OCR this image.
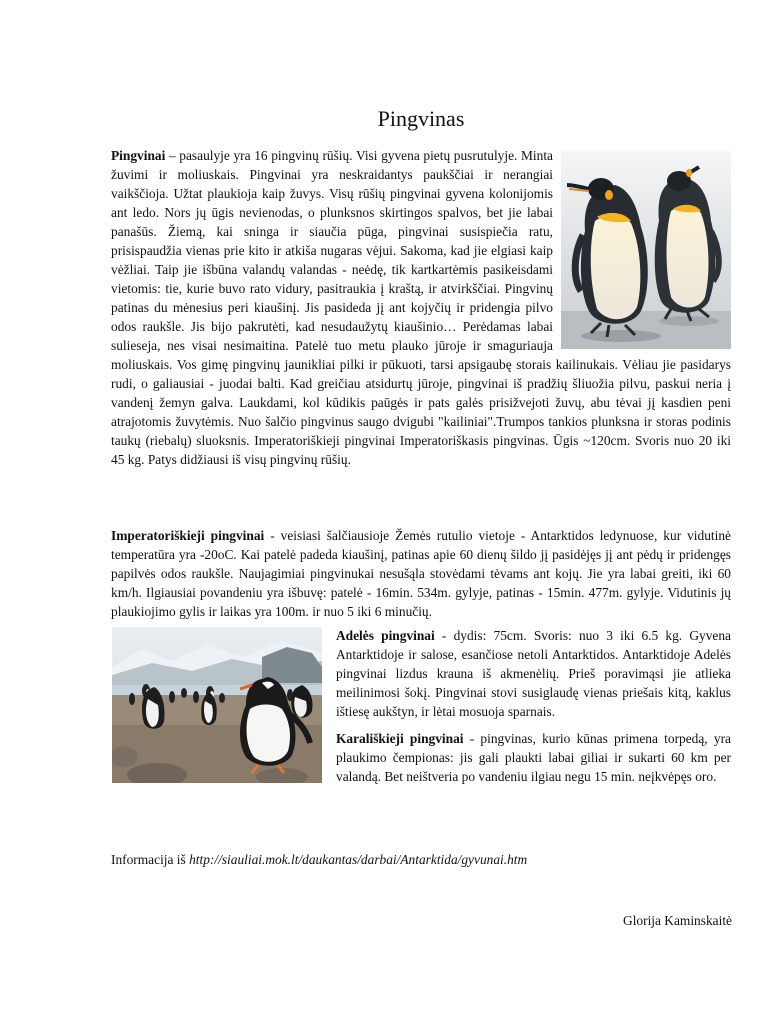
Pingvinas

Pingvinai – pasaulyje yra 16 pingvinų rūšių. Visi gyvena pietų pusrutulyje. Minta žuvimi ir moliuskais. Pingvinai yra neskraidantys paukščiai ir nerangiai vaikščioja. Užtat plaukioja kaip žuvys. Visų rūšių pingvinai gyvena kolonijomis ant ledo. Nors jų ūgis nevienodas, o plunksnos skirtingos spalvos, bet jie labai panašūs. Žiemą, kai sninga ir siaučia pūga, pingvinai susispiečia ratu, prisispaudžia vienas prie kito ir atkiša nugaras vėjui. Sakoma, kad jie elgiasi kaip vėžliai. Taip jie išbūna valandų valandas - neėdę, tik kartkartėmis pasikeisdami vietomis: tie, kurie buvo rato vidury, pasitraukia į kraštą, ir atvirkščiai. Pingvinų patinas du mėnesius peri kiaušinį. Jis pasideda jį ant kojyčių ir pridengia pilvo odos raukšle. Jis bijo pakrutėti, kad nesudaužytų kiaušinio… Perėdamas labai sulieseja, nes visai nesimaitina. Patelė tuo metu plauko jūroje ir smaguriauja moliuskais. Vos gimę pingvinų jaunikliai pilki ir pūkuoti, tarsi apsigaubę storais kailinukais. Vėliau jie pasidarys rudi, o galiausiai - juodai balti. Kad greičiau atsidurtų jūroje, pingvinai iš pradžių šliuožia pilvu, paskui neria į vandenį žemyn galva. Laukdami, kol kūdikis paūgės ir pats galės prisižvejoti žuvų, abu tėvai jį kasdien peni atrajotomis žuvytėmis. Nuo šalčio pingvinus saugo dvigubi "kailiniai".Trumpos tankios plunksna ir storas podinis taukų (riebalų) sluoksnis. Imperatoriškieji pingvinai Imperatoriškasis pingvinas. Ūgis ~120cm. Svoris nuo 20 iki 45 kg. Patys didžiausi iš visų pingvinų rūšių.

Imperatoriškieji pingvinai - veisiasi šalčiausioje Žemės rutulio vietoje - Antarktidos ledynuose, kur vidutinė temperatūra yra -20oC. Kai patelė padeda kiaušinį, patinas apie 60 dienų šildo jį pasidėjęs jį ant pėdų ir pridengęs papilvės odos raukšle. Naujagimiai pingvinukai nesušąla stovėdami tėvams ant kojų. Jie yra labai greiti, iki 60 km/h. Ilgiausiai povandeniu yra išbuvę: patelė - 16min. 534m. gylyje, patinas - 15min. 477m. gylyje. Vidutinis jų plaukiojimo gylis ir laikas yra 100m. ir nuo 5 iki 6 minučių.

Adelės pingvinai - dydis: 75cm. Svoris: nuo 3 iki 6.5 kg. Gyvena Antarktidoje ir salose, esančiose netoli Antarktidos. Antarktidoje Adelės pingvinai lizdus krauna iš akmenėlių. Prieš poravimąsi jie atlieka meilinimosi šokį. Pingvinai stovi susiglaudę vienas priešais kitą, kaklus ištiesę aukštyn, ir lėtai mosuoja sparnais.

Karališkieji pingvinai - pingvinas, kurio kūnas primena torpedą, yra plaukimo čempionas: jis gali plaukti labai giliai ir sukarti 60 km per valandą. Bet neištveria po vandeniu ilgiau negu 15 min. neįkvėpęs oro.

Informacija iš http://siauliai.mok.lt/daukantas/darbai/Antarktida/gyvunai.htm

Glorija Kaminskaitė
